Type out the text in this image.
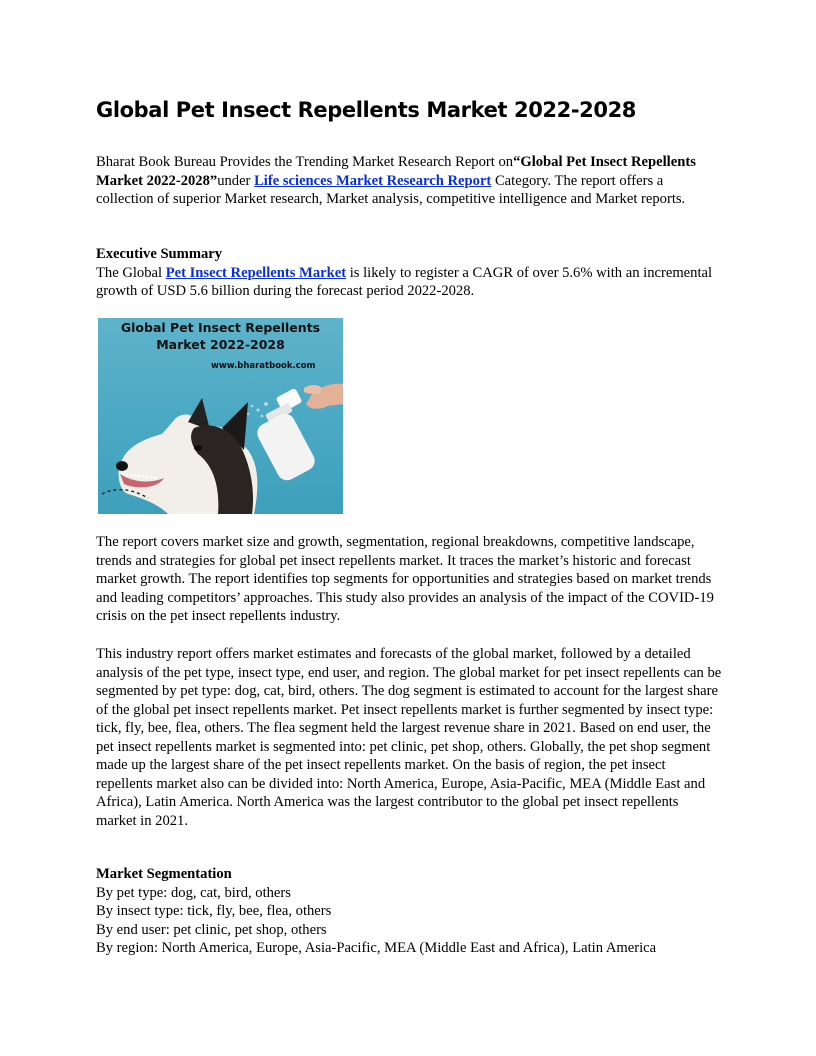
Global Pet Insect Repellents Market 2022-2028

Bharat Book Bureau Provides the Trending Market Research Report on“Global Pet Insect Repellents Market 2022-2028”under Life sciences Market Research Report Category. The report offers a collection of superior Market research, Market analysis, competitive intelligence and Market reports.

Executive Summary
The Global Pet Insect Repellents Market is likely to register a CAGR of over 5.6% with an incremental growth of USD 5.6 billion during the forecast period 2022-2028.
Global Pet Insect Repellents
Market 2022-2028
www.bharatbook.com

The report covers market size and growth, segmentation, regional breakdowns, competitive landscape, trends and strategies for global pet insect repellents market. It traces the market’s historic and forecast market growth. The report identifies top segments for opportunities and strategies based on market trends and leading competitors’ approaches. This study also provides an analysis of the impact of the COVID-19 crisis on the pet insect repellents industry.

This industry report offers market estimates and forecasts of the global market, followed by a detailed analysis of the pet type, insect type, end user, and region. The global market for pet insect repellents can be segmented by pet type: dog, cat, bird, others. The dog segment is estimated to account for the largest share of the global pet insect repellents market. Pet insect repellents market is further segmented by insect type: tick, fly, bee, flea, others. The flea segment held the largest revenue share in 2021. Based on end user, the pet insect repellents market is segmented into: pet clinic, pet shop, others. Globally, the pet shop segment made up the largest share of the pet insect repellents market. On the basis of region, the pet insect repellents market also can be divided into: North America, Europe, Asia-Pacific, MEA (Middle East and Africa), Latin America. North America was the largest contributor to the global pet insect repellents market in 2021.

Market Segmentation
By pet type: dog, cat, bird, others
By insect type: tick, fly, bee, flea, others
By end user: pet clinic, pet shop, others
By region: North America, Europe, Asia-Pacific, MEA (Middle East and Africa), Latin America
